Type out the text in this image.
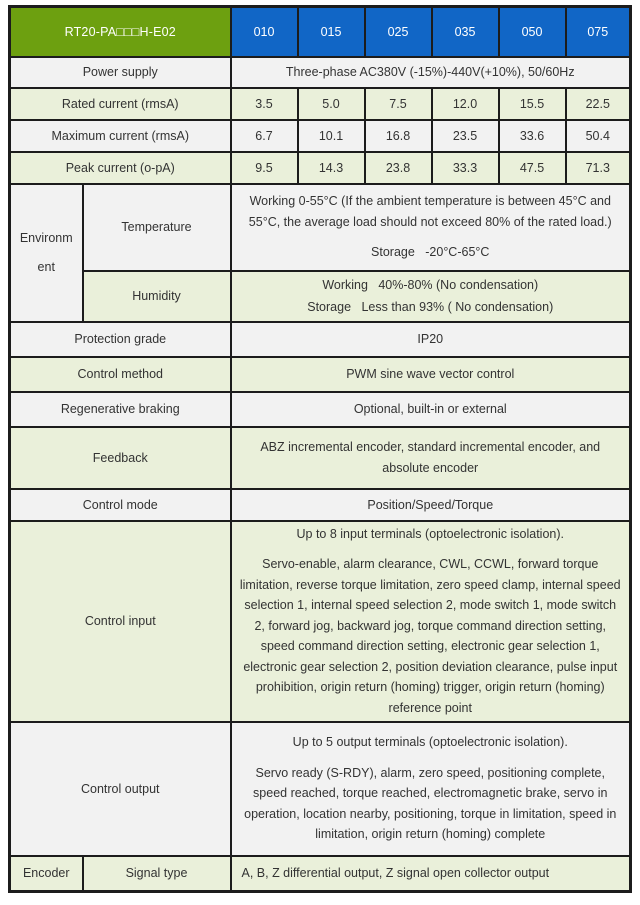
RT20-PA□□□H-E02		010	015	025	035	050	075
Power supply		Three-phase AC380V (-15%)-440V(+10%), 50/60Hz					
Rated current (rmsA)		3.5	5.0	7.5	12.0	15.5	22.5
Maximum current (rmsA)		6.7	10.1	16.8	23.5	33.6	50.4
Peak current (o-pA)		9.5	14.3	23.8	33.3	47.5	71.3
Environm​ent	Temperature	Working 0-55°C (If the ambient temperature is between 45°C and 55°C, the average load should not exceed 80% of the rated load.)

Storage   -20°C-65°C					

	Humidity	Working   40%-80% (No condensation)
Storage   Less than 93% ( No condensation)					

Protection grade		IP20					
Control method		PWM sine wave vector control					
Regenerative braking		Optional, built-in or external					
Feedback		ABZ incremental encoder, standard incremental encoder, and absolute encoder					

Control mode		Position/Speed/Torque					
Control input		Up to 8 input terminals (optoelectronic isolation).

Servo-enable, alarm clearance, CWL, CCWL, forward torque limitation, reverse torque limitation, zero speed clamp, internal speed selection 1, internal speed selection 2, mode switch 1, mode switch 2, forward jog, backward jog, torque command direction setting, speed command direction setting, electronic gear selection 1, electronic gear selection 2, position deviation clearance, pulse input prohibition, origin return (homing) trigger, origin return (homing) reference point					

Control output		Up to 5 output terminals (optoelectronic isolation).

Servo ready (S-RDY), alarm, zero speed, positioning complete, speed reached, torque reached, electromagnetic brake, servo in operation, location nearby, positioning, torque in limitation, speed in limitation, origin return (homing) complete					

Encoder	Signal type	A, B, Z differential output, Z signal open collector output					
